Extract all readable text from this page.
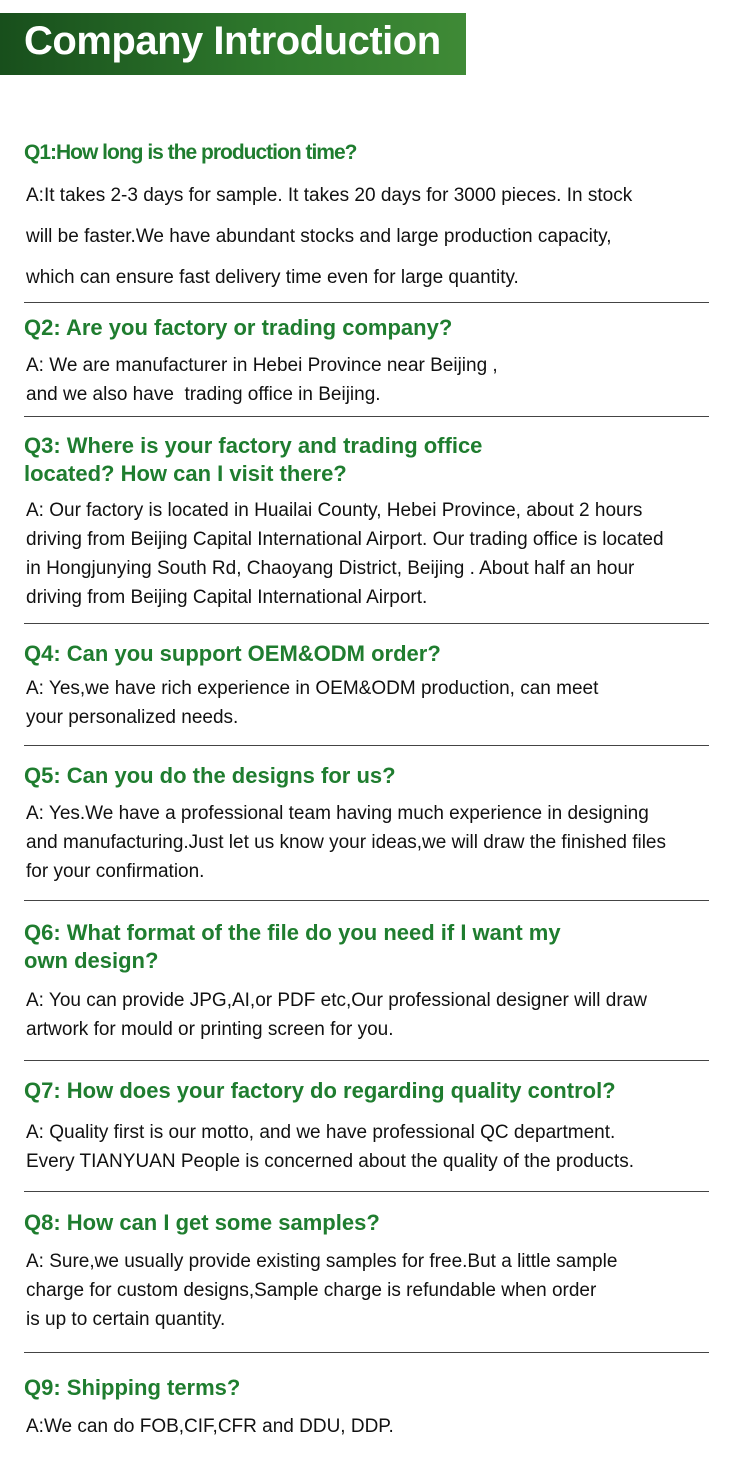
Company Introduction
Q1:How long is the production time?

A:It takes 2-3 days for sample. It takes 20 days for 3000 pieces. In stock
will be faster.We have abundant stocks and large production capacity,
which can ensure fast delivery time even for large quantity.

Q2: Are you factory or trading company?

A: We are manufacturer in Hebei Province near Beijing ,
and we also have  trading office in Beijing.

Q3: Where is your factory and trading office
located? How can I visit there?

A: Our factory is located in Huailai County, Hebei Province, about 2 hours
driving from Beijing Capital International Airport. Our trading office is located
in Hongjunying South Rd, Chaoyang District, Beijing . About half an hour
driving from Beijing Capital International Airport.

Q4: Can you support OEM&ODM order?

A: Yes,we have rich experience in OEM&ODM production, can meet
your personalized needs.

Q5: Can you do the designs for us?

A: Yes.We have a professional team having much experience in designing
and manufacturing.Just let us know your ideas,we will draw the finished files
for your confirmation.

Q6: What format of the file do you need if I want my
own design?

A: You can provide JPG,AI,or PDF etc,Our professional designer will draw
artwork for mould or printing screen for you.

Q7: How does your factory do regarding quality control?

A: Quality first is our motto, and we have professional QC department.
Every TIANYUAN People is concerned about the quality of the products.

Q8: How can I get some samples?

A: Sure,we usually provide existing samples for free.But a little sample
charge for custom designs,Sample charge is refundable when order
is up to certain quantity.

Q9: Shipping terms?

A:We can do FOB,CIF,CFR and DDU, DDP.
